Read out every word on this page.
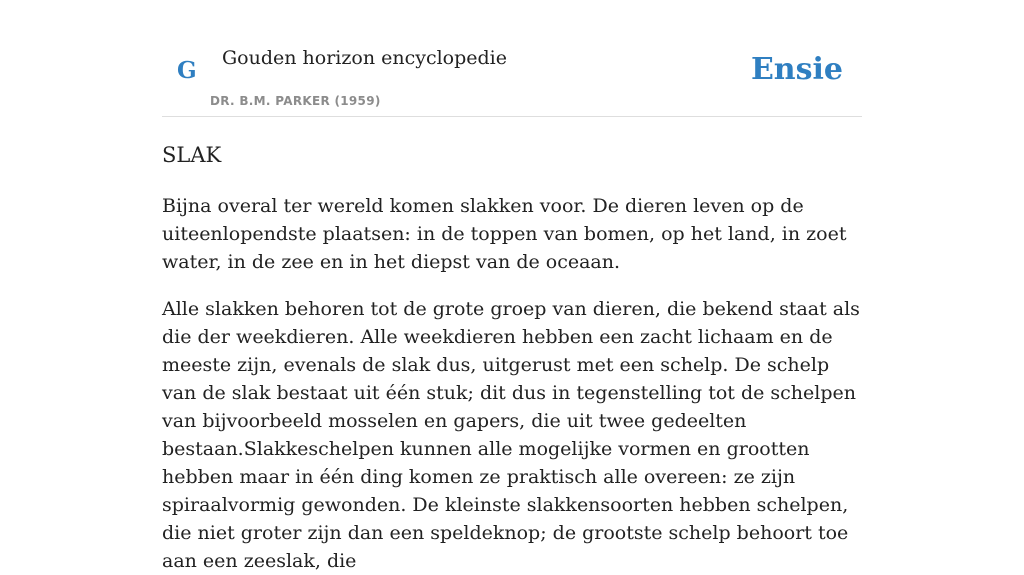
G Gouden horizon encyclopedie
DR. B.M. PARKER (1959)
Ensie
SLAK

Bijna overal ter wereld komen slakken voor. De dieren leven op de uiteenlopendste plaatsen: in de toppen van bomen, op het land, in zoet water, in de zee en in het diepst van de oceaan.

Alle slakken behoren tot de grote groep van dieren, die bekend staat als die der weekdieren. Alle weekdieren hebben een zacht lichaam en de meeste zijn, evenals de slak dus, uitgerust met een schelp. De schelp van de slak bestaat uit één stuk; dit dus in tegenstelling tot de schelpen van bijvoorbeeld mosselen en gapers, die uit twee gedeelten bestaan.Slakkeschelpen kunnen alle mogelijke vormen en grootten hebben maar in één ding komen ze praktisch alle overeen: ze zijn spiraalvormig gewonden. De kleinste slakkensoorten hebben schelpen, die niet groter zijn dan een speldeknop; de grootste schelp behoort toe aan een zeeslak, die
